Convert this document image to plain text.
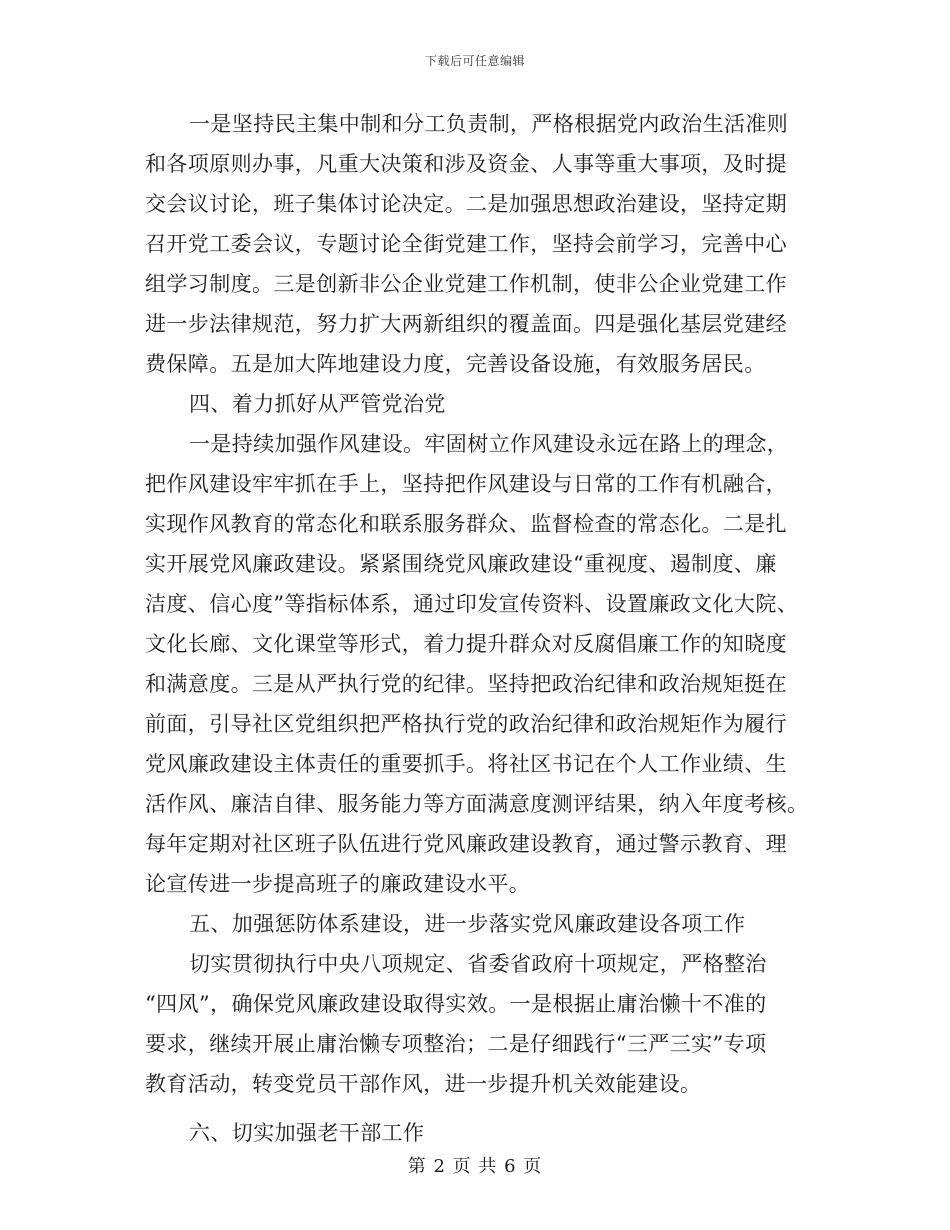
下载后可任意编辑
一是坚持民主集中制和分工负责制，严格根据党内政治生活准则
和各项原则办事，凡重大决策和涉及资金、人事等重大事项，及时提
交会议讨论，班子集体讨论决定。二是加强思想政治建设，坚持定期
召开党工委会议，专题讨论全街党建工作，坚持会前学习，完善中心
组学习制度。三是创新非公企业党建工作机制，使非公企业党建工作
进一步法律规范，努力扩大两新组织的覆盖面。四是强化基层党建经
费保障。五是加大阵地建设力度，完善设备设施，有效服务居民。
四、着力抓好从严管党治党
一是持续加强作风建设。牢固树立作风建设永远在路上的理念，
把作风建设牢牢抓在手上，坚持把作风建设与日常的工作有机融合，
实现作风教育的常态化和联系服务群众、监督检查的常态化。二是扎
实开展党风廉政建设。紧紧围绕党风廉政建设“重视度、遏制度、廉
洁度、信心度”等指标体系，通过印发宣传资料、设置廉政文化大院、
文化长廊、文化课堂等形式，着力提升群众对反腐倡廉工作的知晓度
和满意度。三是从严执行党的纪律。坚持把政治纪律和政治规矩挺在
前面，引导社区党组织把严格执行党的政治纪律和政治规矩作为履行
党风廉政建设主体责任的重要抓手。将社区书记在个人工作业绩、生
活作风、廉洁自律、服务能力等方面满意度测评结果，纳入年度考核。
每年定期对社区班子队伍进行党风廉政建设教育，通过警示教育、理
论宣传进一步提高班子的廉政建设水平。
五、加强惩防体系建设，进一步落实党风廉政建设各项工作
切实贯彻执行中央八项规定、省委省政府十项规定，严格整治
“四风”，确保党风廉政建设取得实效。一是根据止庸治懒十不准的
要求，继续开展止庸治懒专项整治；二是仔细践行“三严三实”专项
教育活动，转变党员干部作风，进一步提升机关效能建设。
六、切实加强老干部工作
第 2 页 共 6 页
